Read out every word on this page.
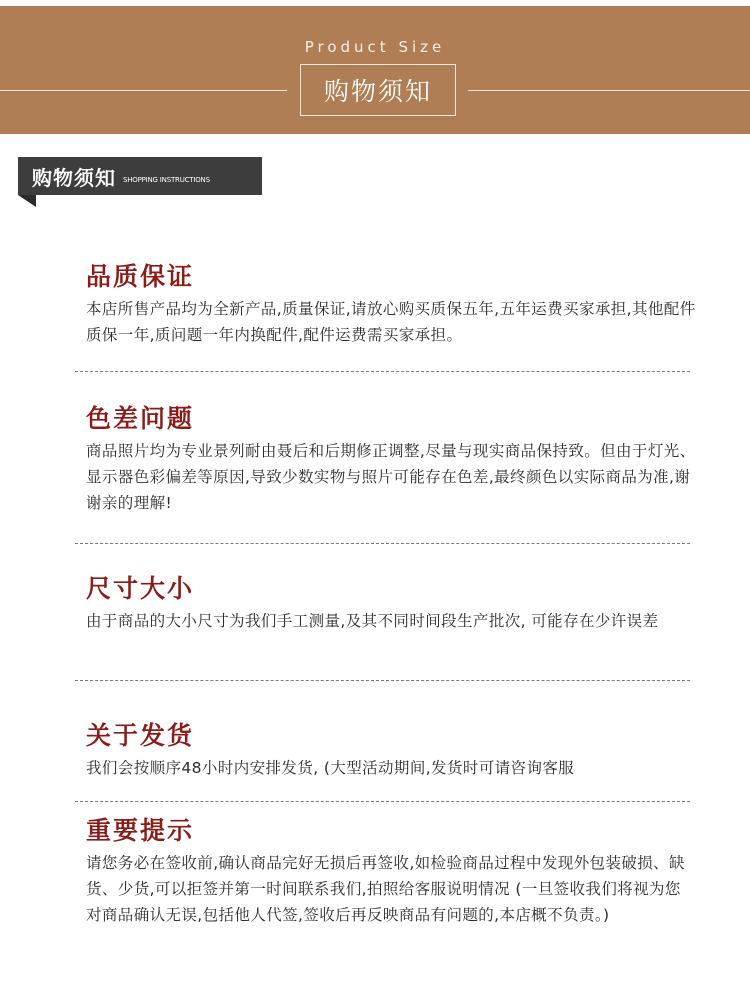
Product Size
购物须知
购物须知 SHOPPING INSTRUCTIONS
品质保证
本店所售产品均为全新产品,质量保证,请放心购买质保五年,五年运费买家承担,其他配件质保一年,质问题一年内换配件,配件运费需买家承担。
色差问题
商品照片均为专业景列耐由聂后和后期修正调整,尽量与现实商品保持致。但由于灯光、显示器色彩偏差等原因,导致少数实物与照片可能存在色差,最终颜色以实际商品为准,谢谢亲的理解!
尺寸大小
由于商品的大小尺寸为我们手工测量,及其不同时间段生产批次, 可能存在少许误差
关于发货
我们会按顺序48小时内安排发货, (大型活动期间,发货时可请咨询客服
重要提示
请您务必在签收前,确认商品完好无损后再签收,如检验商品过程中发现外包装破损、缺货、少货,可以拒签并第一时间联系我们,拍照给客服说明情况 (一旦签收我们将视为您对商品确认无误,包括他人代签,签收后再反映商品有问题的,本店概不负责。)
